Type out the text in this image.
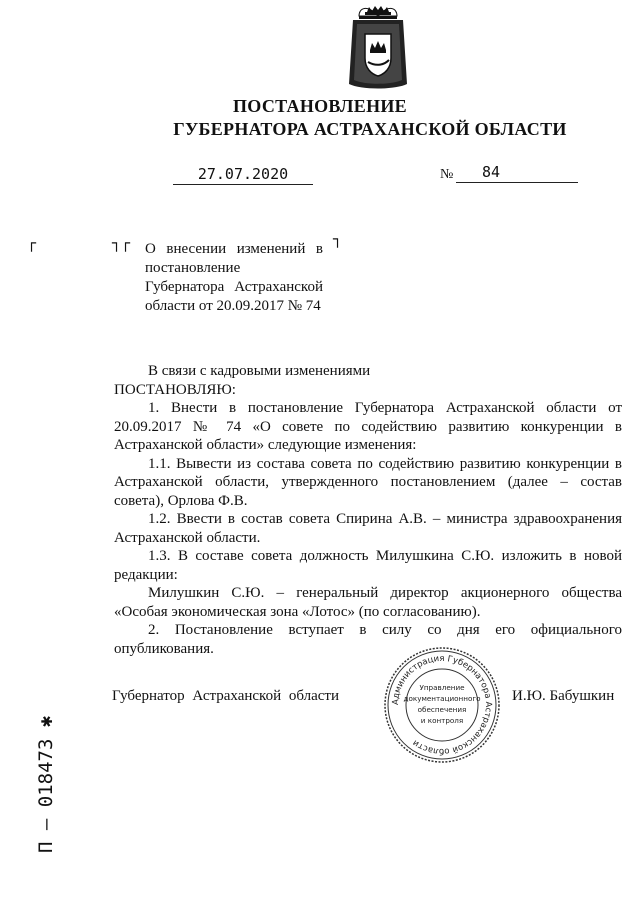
ПОСТАНОВЛЕНИЕ
ГУБЕРНАТОРА АСТРАХАНСКОЙ ОБЛАСТИ
27.07.2020	№	84
┌	┐┌	┐
О внесении изменений в постановление Губернатора Астраханской области от 20.09.2017 № 74

В связи с кадровыми изменениями

ПОСТАНОВЛЯЮ:

1. Внести в постановление Губернатора Астраханской области от 20.09.2017 № 74 «О совете по содействию развитию конкуренции в Астраханской области» следующие изменения:

1.1. Вывести из состава совета по содействию развитию конкуренции в Астраханской области, утвержденного постановлением (далее – состав совета), Орлова Ф.В.

1.2. Ввести в состав совета Спирина А.В. – министра здравоохранения Астраханской области.

1.3. В составе совета должность Милушкина С.Ю. изложить в новой редакции:

Милушкин С.Ю. – генеральный директор акционерного общества «Особая экономическая зона «Лотос» (по согласованию).

2. Постановление вступает в силу со дня его официального опубликования.

Губернатор Астраханской области	И.Ю. Бабушкин
Администрация Губернатора Астраханской области
Управление
документационного
обеспечения
и контроля
П – 018473 ✱
